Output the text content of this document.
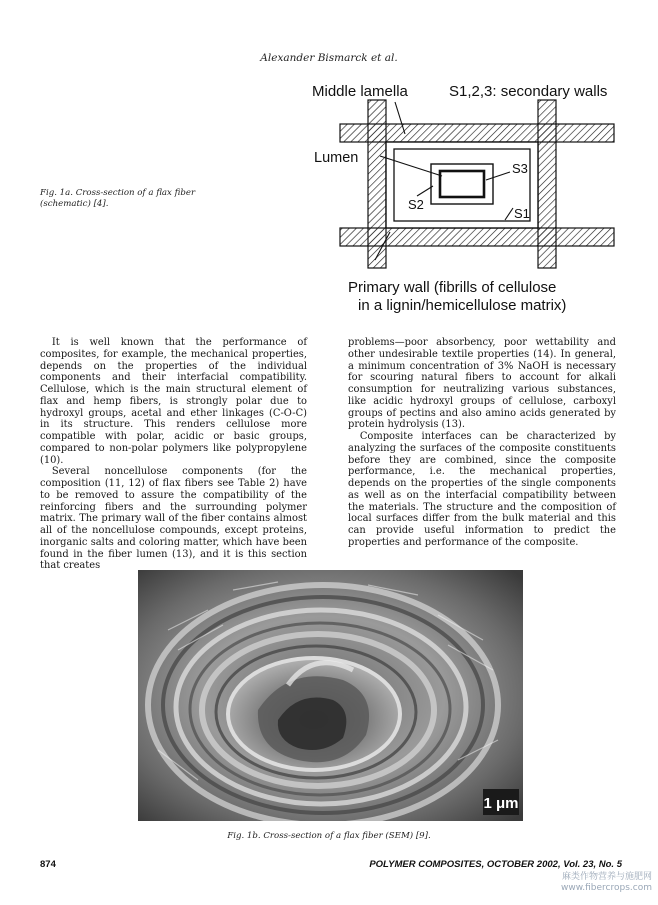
Alexander Bismarck et al.
Fig. 1a. Cross-section of a flax fiber (schematic) [4].
Middle lamella	S1,2,3: secondary walls
Lumen
S3
S2
S1
Primary wall (fibrills of cellulose
in a lignin/hemicellulose matrix)

It is well known that the performance of composites, for example, the mechanical properties, depends on the properties of the individual components and their interfacial compatibility. Cellulose, which is the main structural element of flax and hemp fibers, is strongly polar due to hydroxyl groups, acetal and ether linkages (C-O-C) in its structure. This renders cellulose more compatible with polar, acidic or basic groups, compared to non-polar polymers like polypropylene (10).

Several noncellulose components (for the composition (11, 12) of flax fibers see Table 2) have to be removed to assure the compatibility of the reinforcing fibers and the surrounding polymer matrix. The primary wall of the fiber contains almost all of the noncellulose compounds, except proteins, inorganic salts and coloring matter, which have been found in the fiber lumen (13), and it is this section that creates

problems—poor absorbency, poor wettability and other undesirable textile properties (14). In general, a minimum concentration of 3% NaOH is necessary for scouring natural fibers to account for alkali consumption for neutralizing various substances, like acidic hydroxyl groups of cellulose, carboxyl groups of pectins and also amino acids generated by protein hydrolysis (13).

Composite interfaces can be characterized by analyzing the surfaces of the composite constituents before they are combined, since the composite performance, i.e. the mechanical properties, depends on the properties of the single components as well as on the interfacial compatibility between the materials. The structure and the composition of local surfaces differ from the bulk material and this can provide useful information to predict the properties and performance of the composite.

1 μm
Fig. 1b. Cross-section of a flax fiber (SEM) [9].
874	POLYMER COMPOSITES, OCTOBER 2002, Vol. 23, No. 5
麻类作物营养与施肥网
www.fibercrops.com
